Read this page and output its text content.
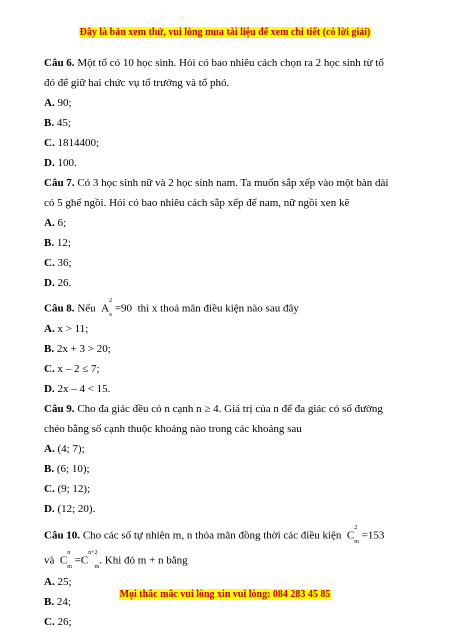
Đây là bản xem thử, vui lòng mua tài liệu để xem chi tiết (có lời giải)
Câu 6. Một tổ có 10 học sinh. Hỏi có bao nhiêu cách chọn ra 2 học sinh từ tổ
đó để giữ hai chức vụ tổ trưởng và tổ phó.
A. 90;
B. 45;
C. 1814400;
D. 100.
Câu 7. Có 3 học sinh nữ và 2 học sinh nam. Ta muốn sắp xếp vào một bàn dài
có 5 ghế ngồi. Hỏi có bao nhiêu cách sắp xếp để nam, nữ ngồi xen kẽ
A. 6;
B. 12;
C. 36;
D. 26.
Câu 8. Nếu $A^2_x =90$  thì x thoả mãn điều kiện nào sau đây
A. x > 11;
B. 2x + 3 > 20;
C. x – 2 ≤ 7;
D. 2x – 4 < 15.
Câu 9. Cho đa giác đều có n cạnh n ≥ 4. Giá trị của n để đa giác có số đường
chéo bằng số cạnh thuộc khoảng nào trong các khoảng sau
A. (4; 7);
B. (6; 10);
C. (9; 12);
D. (12; 20).
Câu 10. Cho các số tự nhiên m, n thỏa mãn đồng thời các điều kiện $C^2_m =153$
và $C^n_m =C^{n+2}_m$. Khi đó m + n bằng
A. 25;
B. 24;
C. 26;
Mọi thắc mắc vui lòng xin vui lòng: 084 283 45 85
